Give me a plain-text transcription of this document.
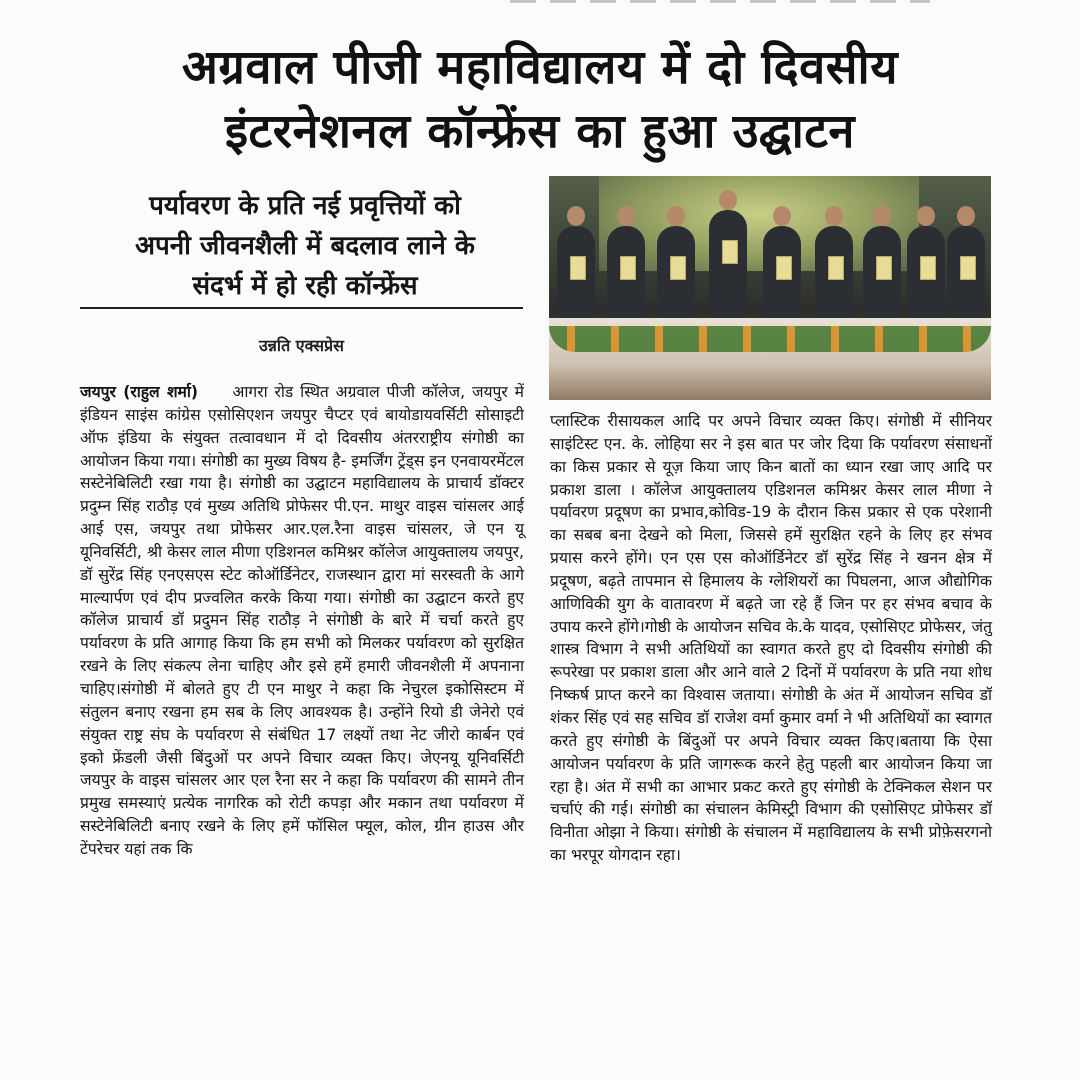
अग्रवाल पीजी महाविद्यालय में दो दिवसीय
इंटरनेशनल कॉन्फ्रेंस का हुआ उद्घाटन
पर्यावरण के प्रति नई प्रवृत्तियों को
अपनी जीवनशैली में बदलाव लाने के
संदर्भ में हो रही कॉन्फ्रेंस
उन्नति एक्सप्रेस
जयपुर (राहुल शर्मा) आगरा रोड स्थित अग्रवाल पीजी कॉलेज, जयपुर में इंडियन साइंस कांग्रेस एसोसिएशन जयपुर चैप्टर एवं बायोडायवर्सिटी सोसाइटी ऑफ इंडिया के संयुक्त तत्वावधान में दो दिवसीय अंतरराष्ट्रीय संगोष्ठी का आयोजन किया गया। संगोष्ठी का मुख्य विषय है- इमर्जिंग ट्रेंड्स इन एनवायरमेंटल सस्टेनेबिलिटी रखा गया है। संगोष्ठी का उद्घाटन महाविद्यालय के प्राचार्य डॉक्टर प्रदुम्न सिंह राठौड़ एवं मुख्य अतिथि प्रोफेसर पी.एन. माथुर वाइस चांसलर आई आई एस, जयपुर तथा प्रोफेसर आर.एल.रैना वाइस चांसलर, जे एन यू यूनिवर्सिटी, श्री केसर लाल मीणा एडिशनल कमिश्नर कॉलेज आयुक्तालय जयपुर, डॉ सुरेंद्र सिंह एनएसएस स्टेट कोऑर्डिनेटर, राजस्थान द्वारा मां सरस्वती के आगे माल्यार्पण एवं दीप प्रज्वलित करके किया गया। संगोष्ठी का उद्घाटन करते हुए कॉलेज प्राचार्य डॉ प्रदुमन सिंह राठौड़ ने संगोष्ठी के बारे में चर्चा करते हुए पर्यावरण के प्रति आगाह किया कि हम सभी को मिलकर पर्यावरण को सुरक्षित रखने के लिए संकल्प लेना चाहिए और इसे हमें हमारी जीवनशैली में अपनाना चाहिए।संगोष्ठी में बोलते हुए टी एन माथुर ने कहा कि नेचुरल इकोसिस्टम में संतुलन बनाए रखना हम सब के लिए आवश्यक है। उन्होंने रियो डी जेनेरो एवं संयुक्त राष्ट्र संघ के पर्यावरण से संबंधित 17 लक्ष्यों तथा नेट जीरो कार्बन एवं इको फ्रेंडली जैसी बिंदुओं पर अपने विचार व्यक्त किए। जेएनयू यूनिवर्सिटी जयपुर के वाइस चांसलर आर एल रैना सर ने कहा कि पर्यावरण की सामने तीन प्रमुख समस्याएं प्रत्येक नागरिक को रोटी कपड़ा और मकान तथा पर्यावरण में सस्टेनेबिलिटी बनाए रखने के लिए हमें फॉसिल फ्यूल, कोल, ग्रीन हाउस और टेंपरेचर यहां तक कि
प्लास्टिक रीसायकल आदि पर अपने विचार व्यक्त किए। संगोष्ठी में सीनियर साइंटिस्ट एन. के. लोहिया सर ने इस बात पर जोर दिया कि पर्यावरण संसाधनों का किस प्रकार से यूज़ किया जाए किन बातों का ध्यान रखा जाए आदि पर प्रकाश डाला । कॉलेज आयुक्तालय एडिशनल कमिश्नर केसर लाल मीणा ने पर्यावरण प्रदूषण का प्रभाव,कोविड-19 के दौरान किस प्रकार से एक परेशानी का सबब बना देखने को मिला, जिससे हमें सुरक्षित रहने के लिए हर संभव प्रयास करने होंगे। एन एस एस कोऑर्डिनेटर डॉ सुरेंद्र सिंह ने खनन क्षेत्र में प्रदूषण, बढ़ते तापमान से हिमालय के ग्लेशियरों का पिघलना, आज औद्योगिक आणिविकी युग के वातावरण में बढ़ते जा रहे हैं जिन पर हर संभव बचाव के उपाय करने होंगे।गोष्ठी के आयोजन सचिव के.के यादव, एसोसिएट प्रोफेसर, जंतु शास्त्र विभाग ने सभी अतिथियों का स्वागत करते हुए दो दिवसीय संगोष्ठी की रूपरेखा पर प्रकाश डाला और आने वाले 2 दिनों में पर्यावरण के प्रति नया शोध निष्कर्ष प्राप्त करने का विश्वास जताया। संगोष्ठी के अंत में आयोजन सचिव डॉ शंकर सिंह एवं सह सचिव डॉ राजेश वर्मा कुमार वर्मा ने भी अतिथियों का स्वागत करते हुए संगोष्ठी के बिंदुओं पर अपने विचार व्यक्त किए।बताया कि ऐसा आयोजन पर्यावरण के प्रति जागरूक करने हेतु पहली बार आयोजन किया जा रहा है। अंत में सभी का आभार प्रकट करते हुए संगोष्ठी के टेक्निकल सेशन पर चर्चाएं की गई। संगोष्ठी का संचालन केमिस्ट्री विभाग की एसोसिएट प्रोफेसर डॉ विनीता ओझा ने किया। संगोष्ठी के संचालन में महाविद्यालय के सभी प्रोफ़ेसरगनो का भरपूर योगदान रहा।
